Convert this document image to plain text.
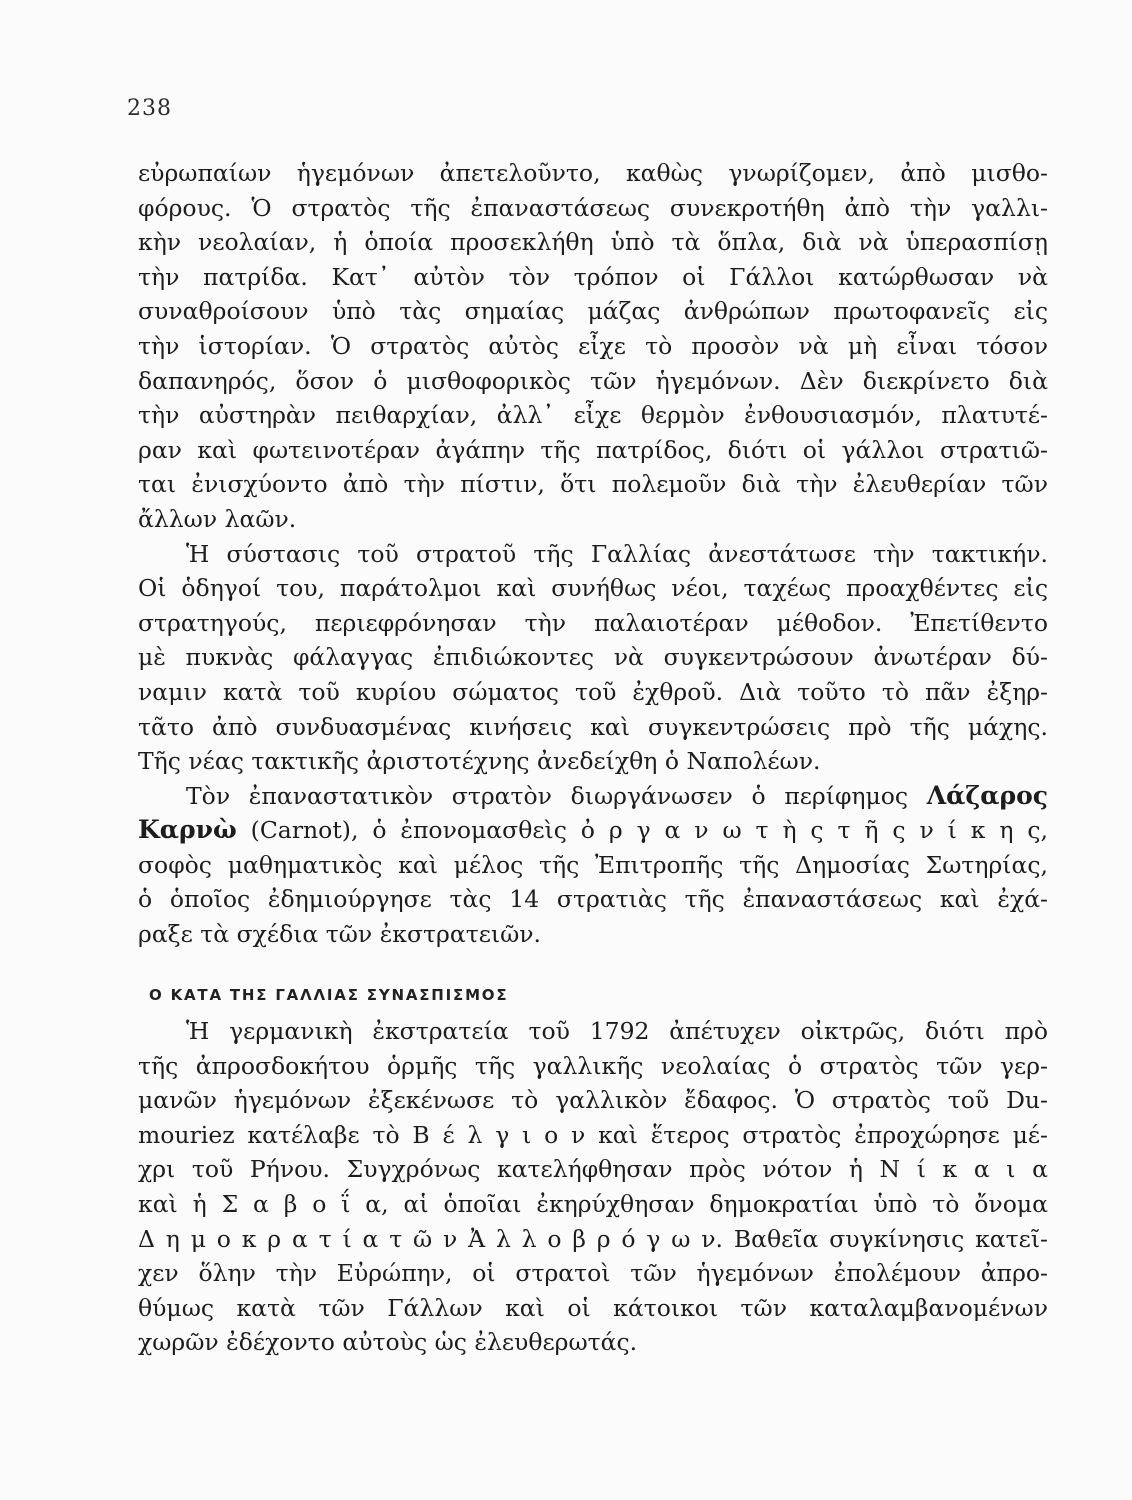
238
εὐρωπαίων ἡγεμόνων ἀπετελοῦντο, καθὼς γνωρίζομεν, ἀπὸ μισθο-
φόρους. Ὁ στρατὸς τῆς ἐπαναστάσεως συνεκροτήθη ἀπὸ τὴν γαλλι-
κὴν νεολαίαν, ἡ ὁποία προσεκλήθη ὑπὸ τὰ ὅπλα, διὰ νὰ ὑπερασπίσῃ
τὴν πατρίδα. Κατ᾽ αὐτὸν τὸν τρόπον οἱ Γάλλοι κατώρθωσαν νὰ
συναθροίσουν ὑπὸ τὰς σημαίας μάζας ἀνθρώπων πρωτοφανεῖς εἰς
τὴν ἱστορίαν. Ὁ στρατὸς αὐτὸς εἶχε τὸ προσὸν νὰ μὴ εἶναι τόσον
δαπανηρός, ὅσον ὁ μισθοφορικὸς τῶν ἡγεμόνων. Δὲν διεκρίνετο διὰ
τὴν αὐστηρὰν πειθαρχίαν, ἀλλ᾽ εἶχε θερμὸν ἐνθουσιασμόν, πλατυτέ-
ραν καὶ φωτεινοτέραν ἀγάπην τῆς πατρίδος, διότι οἱ γάλλοι στρατιῶ-
ται ἐνισχύοντο ἀπὸ τὴν πίστιν, ὅτι πολεμοῦν διὰ τὴν ἐλευθερίαν τῶν
ἄλλων λαῶν.
Ἡ σύστασις τοῦ στρατοῦ τῆς Γαλλίας ἀνεστάτωσε τὴν τακτικήν.
Οἱ ὁδηγοί του, παράτολμοι καὶ συνήθως νέοι, ταχέως προαχθέντες εἰς
στρατηγούς, περιεφρόνησαν τὴν παλαιοτέραν μέθοδον. Ἐπετίθεντο
μὲ πυκνὰς φάλαγγας ἐπιδιώκοντες νὰ συγκεντρώσουν ἀνωτέραν δύ-
ναμιν κατὰ τοῦ κυρίου σώματος τοῦ ἐχθροῦ. Διὰ τοῦτο τὸ πᾶν ἐξηρ-
τᾶτο ἀπὸ συνδυασμένας κινήσεις καὶ συγκεντρώσεις πρὸ τῆς μάχης.
Τῆς νέας τακτικῆς ἀριστοτέχνης ἀνεδείχθη ὁ Ναπολέων.
Τὸν ἐπαναστατικὸν στρατὸν διωργάνωσεν ὁ περίφημος Λάζαρος
Καρνὼ (Carnot), ὁ ἐπονομασθεὶς ὀ ρ γ α ν ω τ ὴ ς τ ῆ ς ν ί κ η ς,
σοφὸς μαθηματικὸς καὶ μέλος τῆς Ἐπιτροπῆς τῆς Δημοσίας Σωτηρίας,
ὁ ὁποῖος ἐδημιούργησε τὰς 14 στρατιὰς τῆς ἐπαναστάσεως καὶ ἐχά-
ραξε τὰ σχέδια τῶν ἐκστρατειῶν.
Ο ΚΑΤΑ ΤΗΣ ΓΑΛΛΙΑΣ ΣΥΝΑΣΠΙΣΜΟΣ
Ἡ γερμανικὴ ἐκστρατεία τοῦ 1792 ἀπέτυχεν οἰκτρῶς, διότι πρὸ
τῆς ἀπροσδοκήτου ὁρμῆς τῆς γαλλικῆς νεολαίας ὁ στρατὸς τῶν γερ-
μανῶν ἡγεμόνων ἐξεκένωσε τὸ γαλλικὸν ἔδαφος. Ὁ στρατὸς τοῦ Du-
mouriez κατέλαβε τὸ Β έ λ γ ι ο ν καὶ ἕτερος στρατὸς ἐπροχώρησε μέ-
χρι τοῦ Ρήνου. Συγχρόνως κατελήφθησαν πρὸς νότον ἡ Ν ί κ α ι α
καὶ ἡ Σ α β ο ΐ α, αἱ ὁποῖαι ἐκηρύχθησαν δημοκρατίαι ὑπὸ τὸ ὄνομα
Δ η μ ο κ ρ α τ ί α τ ῶ ν Ἀ λ λ ο β ρ ό γ ω ν. Βαθεῖα συγκίνησις κατεῖ-
χεν ὅλην τὴν Εὐρώπην, οἱ στρατοὶ τῶν ἡγεμόνων ἐπολέμουν ἀπρο-
θύμως κατὰ τῶν Γάλλων καὶ οἱ κάτοικοι τῶν καταλαμβανομένων
χωρῶν ἐδέχοντο αὐτοὺς ὡς ἐλευθερωτάς.
